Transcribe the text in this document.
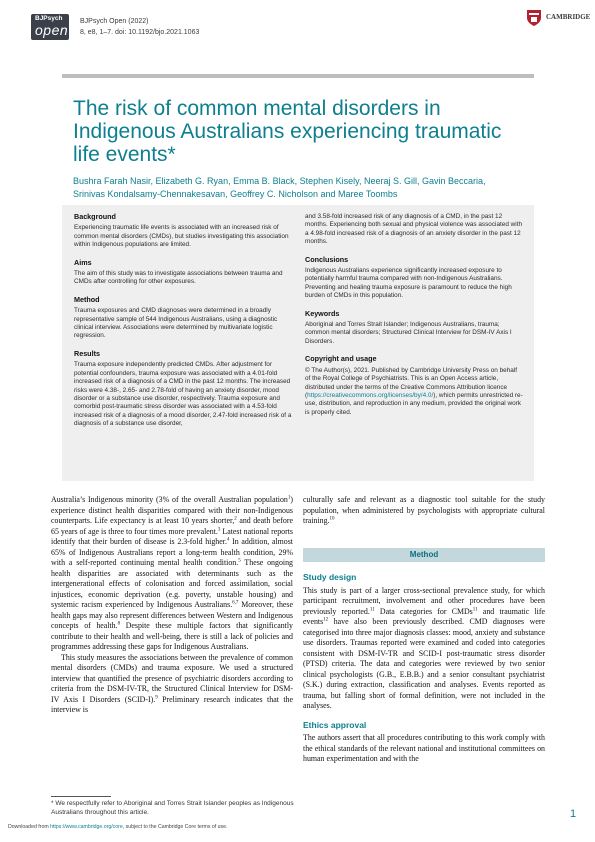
BJPsych
open
BJPsych Open (2022)
8, e8, 1–7. doi: 10.1192/bjo.2021.1063
CAMBRIDGE
The risk of common mental disorders in Indigenous Australians experiencing traumatic life events*
Bushra Farah Nasir, Elizabeth G. Ryan, Emma B. Black, Stephen Kisely, Neeraj S. Gill, Gavin Beccaria,
Srinivas Kondalsamy-Chennakesavan, Geoffrey C. Nicholson and Maree Toombs
Background

Experiencing traumatic life events is associated with an increased risk of common mental disorders (CMDs), but studies investigating this association within Indigenous populations are limited.

Aims

The aim of this study was to investigate associations between trauma and CMDs after controlling for other exposures.

Method

Trauma exposures and CMD diagnoses were determined in a broadly representative sample of 544 Indigenous Australians, using a diagnostic clinical interview. Associations were determined by multivariate logistic regression.

Results

Trauma exposure independently predicted CMDs. After adjustment for potential confounders, trauma exposure was associated with a 4.01-fold increased risk of a diagnosis of a CMD in the past 12 months. The increased risks were 4.38-, 2.65- and 2.78-fold of having an anxiety disorder, mood disorder or a substance use disorder, respectively. Trauma exposure and comorbid post-traumatic stress disorder was associated with a 4.53-fold increased risk of a diagnosis of a mood disorder, 2.47-fold increased risk of a diagnosis of a substance use disorder,

and 3.58-fold increased risk of any diagnosis of a CMD, in the past 12 months. Experiencing both sexual and physical violence was associated with a 4.98-fold increased risk of a diagnosis of an anxiety disorder in the past 12 months.

Conclusions

Indigenous Australians experience significantly increased exposure to potentially harmful trauma compared with non-Indigenous Australians. Preventing and healing trauma exposure is paramount to reduce the high burden of CMDs in this population.

Keywords

Aboriginal and Torres Strait Islander; Indigenous Australians, trauma; common mental disorders; Structured Clinical Interview for DSM-IV Axis I Disorders.

Copyright and usage

© The Author(s), 2021. Published by Cambridge University Press on behalf of the Royal College of Psychiatrists. This is an Open Access article, distributed under the terms of the Creative Commons Attribution licence (https://creativecommons.org/licenses/by/4.0/), which permits unrestricted re-use, distribution, and reproduction in any medium, provided the original work is properly cited.

Australia’s Indigenous minority (3% of the overall Australian population$^1$) experience distinct health disparities compared with their non-Indigenous counterparts. Life expectancy is at least 10 years shorter,$^2$ and death before 65 years of age is three to four times more prevalent.$^3$ Latest national reports identify that their burden of disease is 2.3-fold higher.$^4$ In addition, almost 65% of Indigenous Australians report a long-term health condition, 29% with a self-reported continuing mental health condition.$^5$ These ongoing health disparities are associated with determinants such as the intergenerational effects of colonisation and forced assimilation, social injustices, economic deprivation (e.g. poverty, unstable housing) and systemic racism experienced by Indigenous Australians.$^{6,7}$ Moreover, these health gaps may also represent differences between Western and Indigenous concepts of health.$^8$ Despite these multiple factors that significantly contribute to their health and well-being, there is still a lack of policies and programmes addressing these gaps for Indigenous Australians.

This study measures the associations between the prevalence of common mental disorders (CMDs) and trauma exposure. We used a structured interview that quantified the presence of psychiatric disorders according to criteria from the DSM-IV-TR, the Structured Clinical Interview for DSM-IV Axis I Disorders (SCID-I).$^9$ Preliminary research indicates that the interview is

culturally safe and relevant as a diagnostic tool suitable for the study population, when administered by psychologists with appropriate cultural training.$^{10}$

Method
Study design

This study is part of a larger cross-sectional prevalence study, for which participant recruitment, involvement and other procedures have been previously reported.$^{11}$ Data categories for CMDs$^{11}$ and traumatic life events$^{12}$ have also been previously described. CMD diagnoses were categorised into three major diagnosis classes: mood, anxiety and substance use disorders. Traumas reported were examined and coded into categories consistent with DSM-IV-TR and SCID-I post-traumatic stress disorder (PTSD) criteria. The data and categories were reviewed by two senior clinical psychologists (G.B., E.B.B.) and a senior consultant psychiatrist (S.K.) during extraction, classification and analyses. Events reported as trauma, but falling short of formal definition, were not included in the analyses.

Ethics approval

The authors assert that all procedures contributing to this work comply with the ethical standards of the relevant national and institutional committees on human experimentation and with the

* We respectfully refer to Aboriginal and Torres Strait Islander peoples as Indigenous Australians throughout this article.	1
Downloaded from https://www.cambridge.org/core, subject to the Cambridge Core terms of use.
